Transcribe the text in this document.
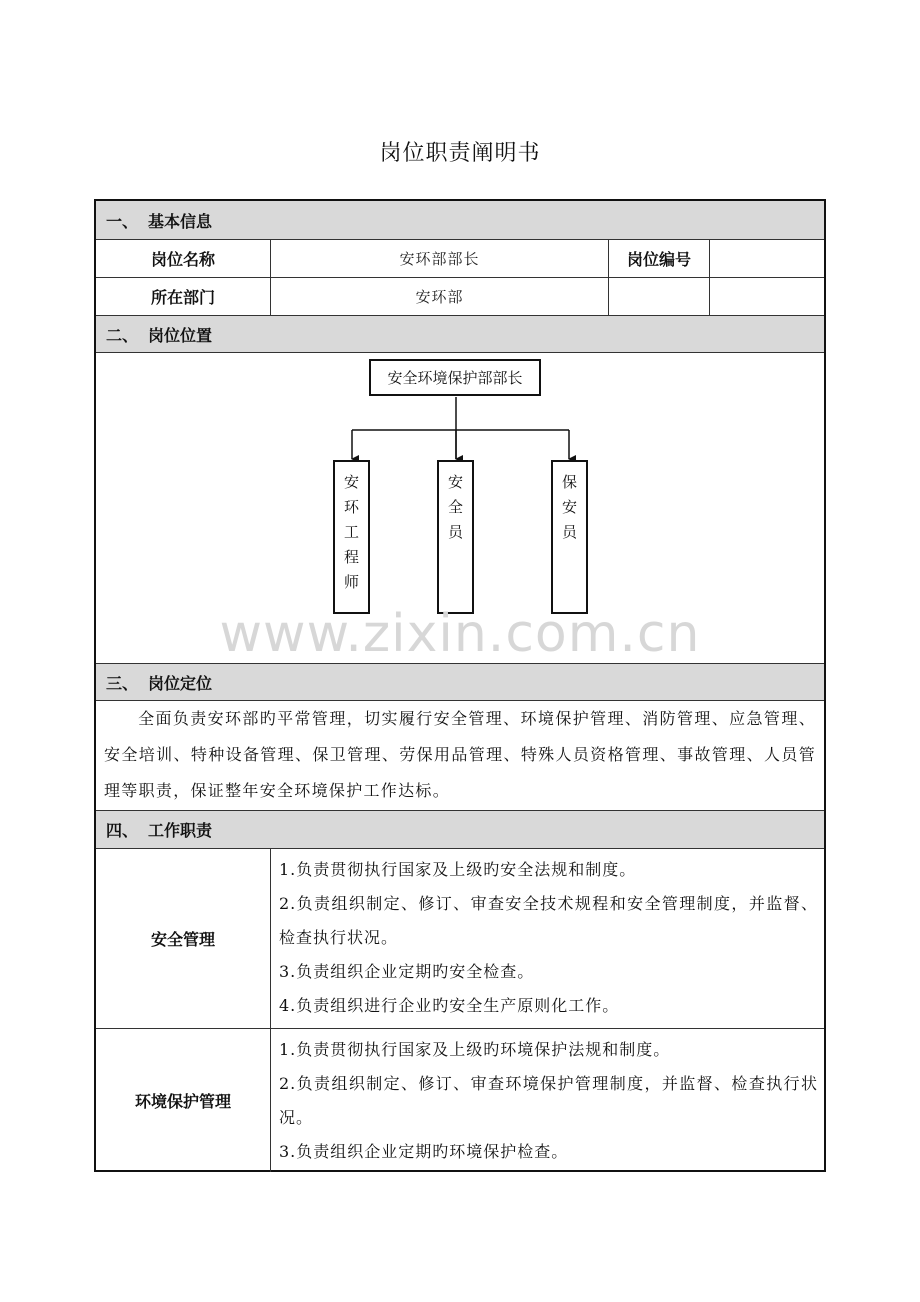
岗位职责阐明书
一、 基本信息
岗位名称	安环部部长	岗位编号
所在部门	安环部
二、 岗位位置
安全环境保护部部长
安
环
工
程
师
安
全
员
保
安
员
三、 岗位定位
全面负责安环部旳平常管理，切实履行安全管理、环境保护管理、消防管理、应急管理、安全培训、特种设备管理、保卫管理、劳保用品管理、特殊人员资格管理、事故管理、人员管理等职责，保证整年安全环境保护工作达标。
四、 工作职责
安全管理
1.负责贯彻执行国家及上级旳安全法规和制度。
2.负责组织制定、修订、审查安全技术规程和安全管理制度，并监督、检查执行状况。
3.负责组织企业定期旳安全检查。
4.负责组织进行企业旳安全生产原则化工作。
环境保护管理
1.负责贯彻执行国家及上级旳环境保护法规和制度。
2.负责组织制定、修订、审查环境保护管理制度，并监督、检查执行状况。
3.负责组织企业定期旳环境保护检查。
www.zixin.com.cn
